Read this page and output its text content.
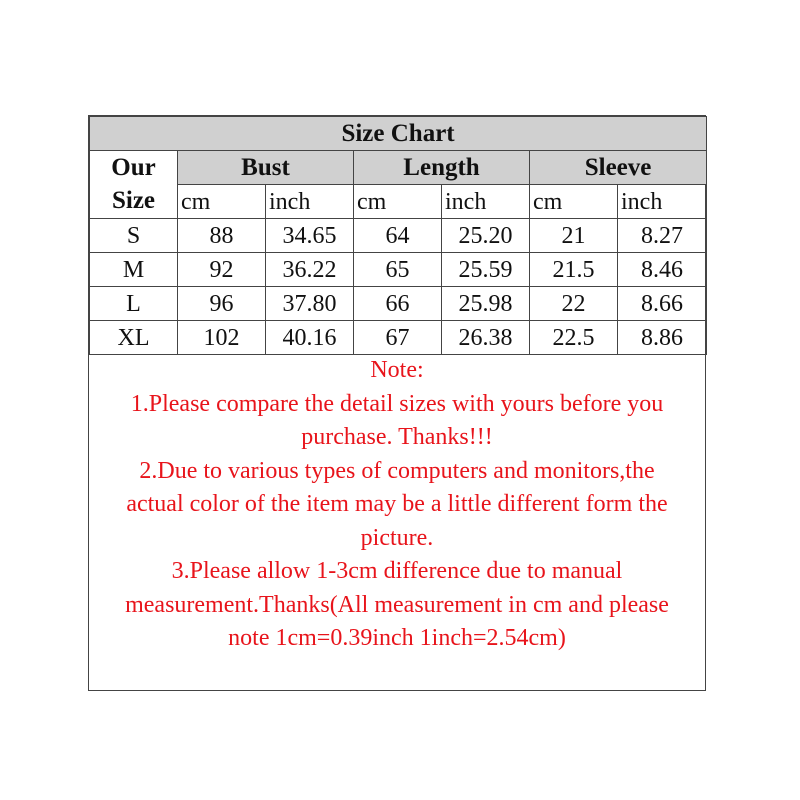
Size Chart						

Our
Size	Bust		Length		Sleeve	
	cm	inch	cm	inch	cm	inch
S	88	34.65	64	25.20	21	8.27
M	92	36.22	65	25.59	21.5	8.46
L	96	37.80	66	25.98	22	8.66
XL	102	40.16	67	26.38	22.5	8.86
Note:
1.Please compare the detail sizes with yours before you
purchase. Thanks!!!
2.Due to various types of computers and monitors,the
actual color of the item may be a little different form the
picture.
3.Please allow 1-3cm difference due to manual
measurement.Thanks(All measurement in cm and please
note 1cm=0.39inch 1inch=2.54cm)
